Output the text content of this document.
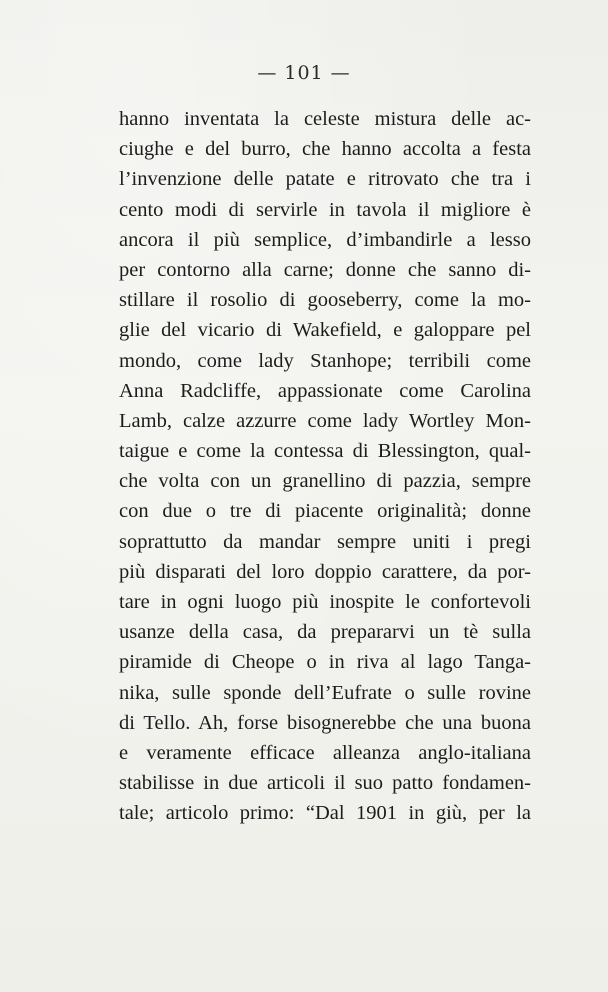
— 101 —
hanno inventata la celeste mistura delle ac-
ciughe e del burro, che hanno accolta a festa
l’invenzione delle patate e ritrovato che tra i
cento modi di servirle in tavola il migliore è
ancora il più semplice, d’imbandirle a lesso
per contorno alla carne; donne che sanno di-
stillare il rosolio di gooseberry, come la mo-
glie del vicario di Wakefield, e galoppare pel
mondo, come lady Stanhope; terribili come
Anna Radcliffe, appassionate come Carolina
Lamb, calze azzurre come lady Wortley Mon-
taigue e come la contessa di Blessington, qual-
che volta con un granellino di pazzia, sempre
con due o tre di piacente originalità; donne
soprattutto da mandar sempre uniti i pregi
più disparati del loro doppio carattere, da por-
tare in ogni luogo più inospite le confortevoli
usanze della casa, da prepararvi un tè sulla
piramide di Cheope o in riva al lago Tanga-
nika, sulle sponde dell’Eufrate o sulle rovine
di Tello. Ah, forse bisognerebbe che una buona
e veramente efficace alleanza anglo-italiana
stabilisse in due articoli il suo patto fondamen-
tale; articolo primo: “Dal 1901 in giù, per la
